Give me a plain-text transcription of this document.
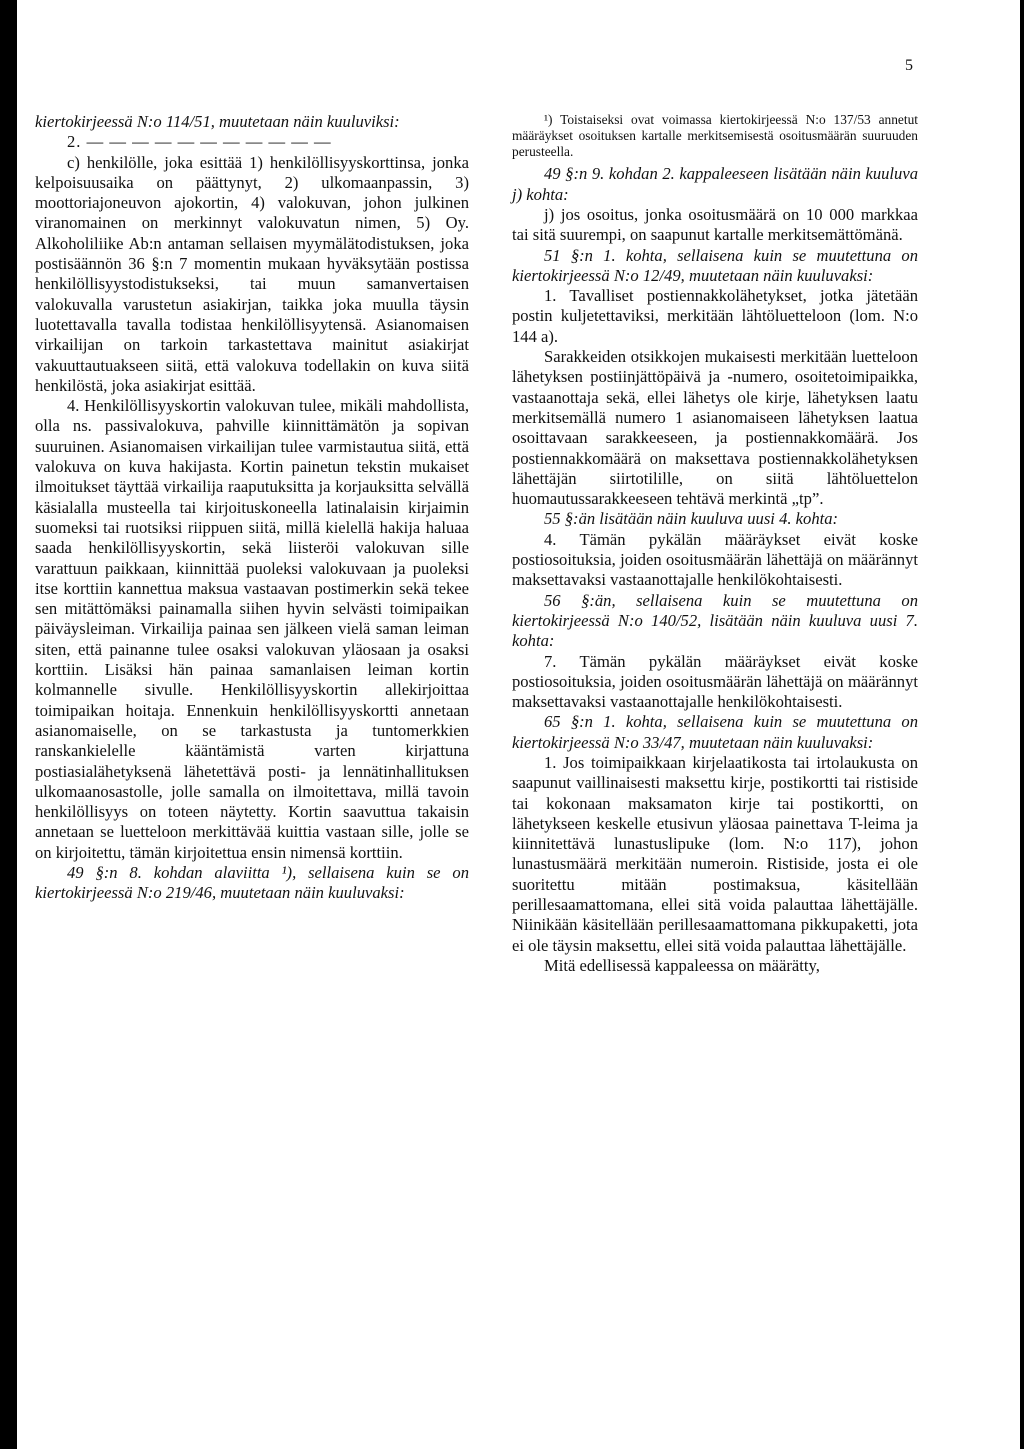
5

kiertokirjeessä N:o 114/51, muutetaan näin kuuluviksi:

2. — — — — — — — — — — —

c) henkilölle, joka esittää 1) henkilöllisyyskorttinsa, jonka kelpoisuusaika on päättynyt, 2) ulkomaanpassin, 3) moottoriajoneuvon ajokortin, 4) valokuvan, johon julkinen viranomainen on merkinnyt valokuvatun nimen, 5) Oy. Alkoholiliike Ab:n antaman sellaisen myymälätodistuksen, joka postisäännön 36 §:n 7 momentin mukaan hyväksytään postissa henkilöllisyystodistukseksi, tai muun samanvertaisen valokuvalla varustetun asiakirjan, taikka joka muulla täysin luotettavalla tavalla todistaa henkilöllisyytensä. Asianomaisen virkailijan on tarkoin tarkastettava mainitut asiakirjat vakuuttautuakseen siitä, että valokuva todellakin on kuva siitä henkilöstä, joka asiakirjat esittää.

4. Henkilöllisyyskortin valokuvan tulee, mikäli mahdollista, olla ns. passivalokuva, pahville kiinnittämätön ja sopivan suuruinen. Asianomaisen virkailijan tulee varmistautua siitä, että valokuva on kuva hakijasta. Kortin painetun tekstin mukaiset ilmoitukset täyttää virkailija raaputuksitta ja korjauksitta selvällä käsialalla musteella tai kirjoituskoneella latinalaisin kirjaimin suomeksi tai ruotsiksi riippuen siitä, millä kielellä hakija haluaa saada henkilöllisyyskortin, sekä liisteröi valokuvan sille varattuun paikkaan, kiinnittää puoleksi valokuvaan ja puoleksi itse korttiin kannettua maksua vastaavan postimerkin sekä tekee sen mitättömäksi painamalla siihen hyvin selvästi toimipaikan päiväysleiman. Virkailija painaa sen jälkeen vielä saman leiman siten, että painanne tulee osaksi valokuvan yläosaan ja osaksi korttiin. Lisäksi hän painaa samanlaisen leiman kortin kolmannelle sivulle. Henkilöllisyyskortin allekirjoittaa toimipaikan hoitaja. Ennenkuin henkilöllisyyskortti annetaan asianomaiselle, on se tarkastusta ja tuntomerkkien ranskankielelle kääntämistä varten kirjattuna postiasialähetyksenä lähetettävä posti- ja lennätinhallituksen ulkomaanosastolle, jolle samalla on ilmoitettava, millä tavoin henkilöllisyys on toteen näytetty. Kortin saavuttua takaisin annetaan se luetteloon merkittävää kuittia vastaan sille, jolle se on kirjoitettu, tämän kirjoitettua ensin nimensä korttiin.

49 §:n 8. kohdan alaviitta ¹), sellaisena kuin se on kiertokirjeessä N:o 219/46, muutetaan näin kuuluvaksi:

¹) Toistaiseksi ovat voimassa kiertokirjeessä N:o 137/53 annetut määräykset osoituksen kartalle merkitsemisestä osoitusmäärän suuruuden perusteella.

49 §:n 9. kohdan 2. kappaleeseen lisätään näin kuuluva j) kohta:

j) jos osoitus, jonka osoitusmäärä on 10 000 markkaa tai sitä suurempi, on saapunut kartalle merkitsemättömänä.

51 §:n 1. kohta, sellaisena kuin se muutettuna on kiertokirjeessä N:o 12/49, muutetaan näin kuuluvaksi:

1. Tavalliset postiennakkolähetykset, jotka jätetään postin kuljetettaviksi, merkitään lähtöluetteloon (lom. N:o 144 a).

Sarakkeiden otsikkojen mukaisesti merkitään luetteloon lähetyksen postiinjättöpäivä ja -numero, osoitetoimipaikka, vastaanottaja sekä, ellei lähetys ole kirje, lähetyksen laatu merkitsemällä numero 1 asianomaiseen lähetyksen laatua osoittavaan sarakkeeseen, ja postiennakkomäärä. Jos postiennakkomäärä on maksettava postiennakkolähetyksen lähettäjän siirtotilille, on siitä lähtöluettelon huomautussarakkeeseen tehtävä merkintä „tp”.

55 §:än lisätään näin kuuluva uusi 4. kohta:

4. Tämän pykälän määräykset eivät koske postiosoituksia, joiden osoitusmäärän lähettäjä on määrännyt maksettavaksi vastaanottajalle henkilökohtaisesti.

56 §:än, sellaisena kuin se muutettuna on kiertokirjeessä N:o 140/52, lisätään näin kuuluva uusi 7. kohta:

7. Tämän pykälän määräykset eivät koske postiosoituksia, joiden osoitusmäärän lähettäjä on määrännyt maksettavaksi vastaanottajalle henkilökohtaisesti.

65 §:n 1. kohta, sellaisena kuin se muutettuna on kiertokirjeessä N:o 33/47, muutetaan näin kuuluvaksi:

1. Jos toimipaikkaan kirjelaatikosta tai irtolaukusta on saapunut vaillinaisesti maksettu kirje, postikortti tai ristiside tai kokonaan maksamaton kirje tai postikortti, on lähetykseen keskelle etusivun yläosaa painettava T-leima ja kiinnitettävä lunastuslipuke (lom. N:o 117), johon lunastusmäärä merkitään numeroin. Ristiside, josta ei ole suoritettu mitään postimaksua, käsitellään perillesaamattomana, ellei sitä voida palauttaa lähettäjälle. Niinikään käsitellään perillesaamattomana pikkupaketti, jota ei ole täysin maksettu, ellei sitä voida palauttaa lähettäjälle.

Mitä edellisessä kappaleessa on määrätty,
